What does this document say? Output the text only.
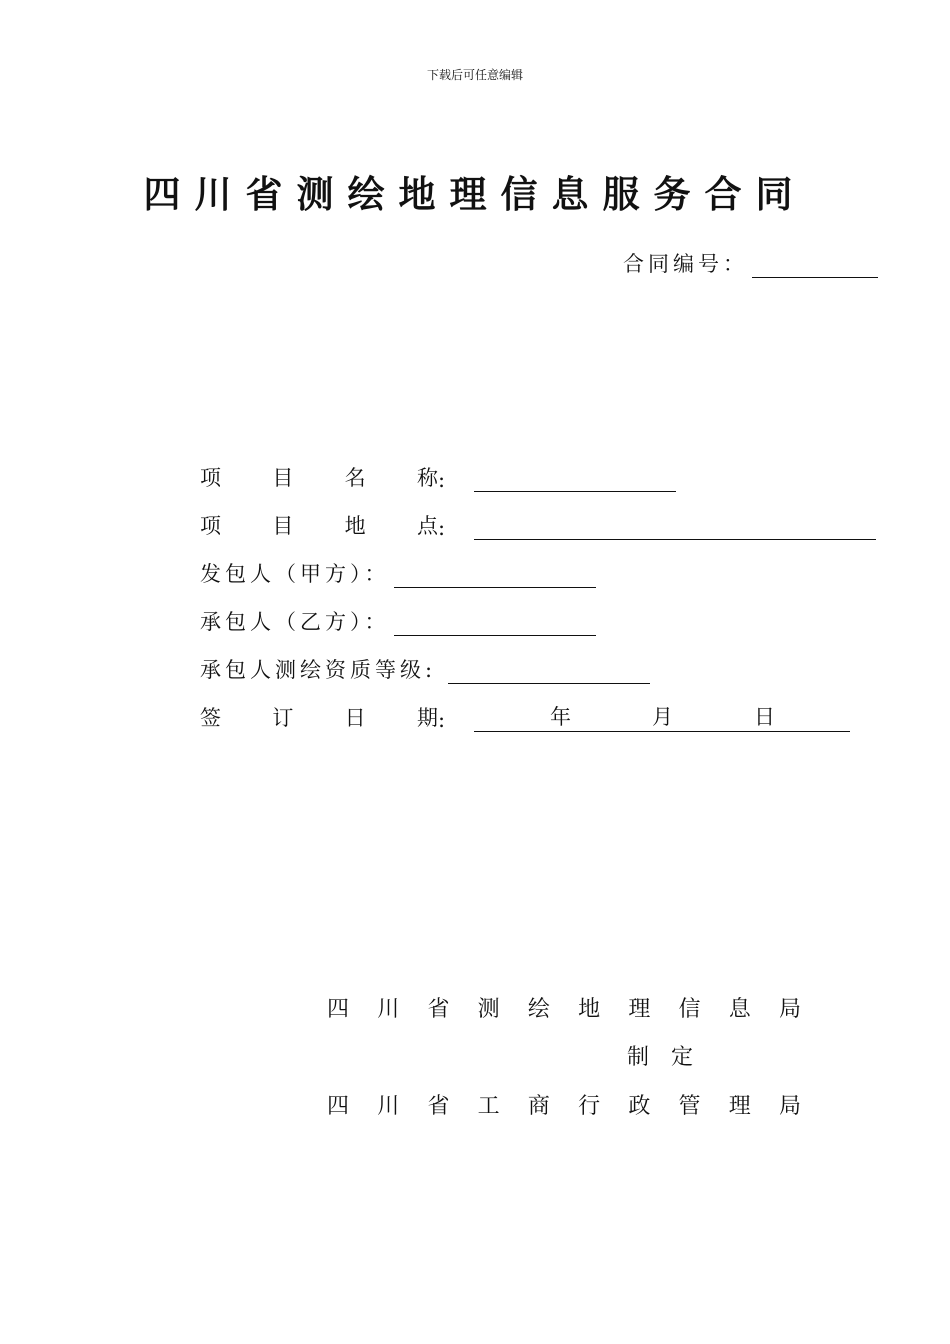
下载后可任意编辑
四川省测绘地理信息服务合同
合同编号：
项 目 名 称 :
项 目 地 点 :
发包人（甲方）：
承包人（乙方）：
承包人测绘资质等级:
签 订 日 期 :	年	月	日
四 川 省 测 绘 地 理 信 息 局
制　定
四 川 省 工 商 行 政 管 理 局
